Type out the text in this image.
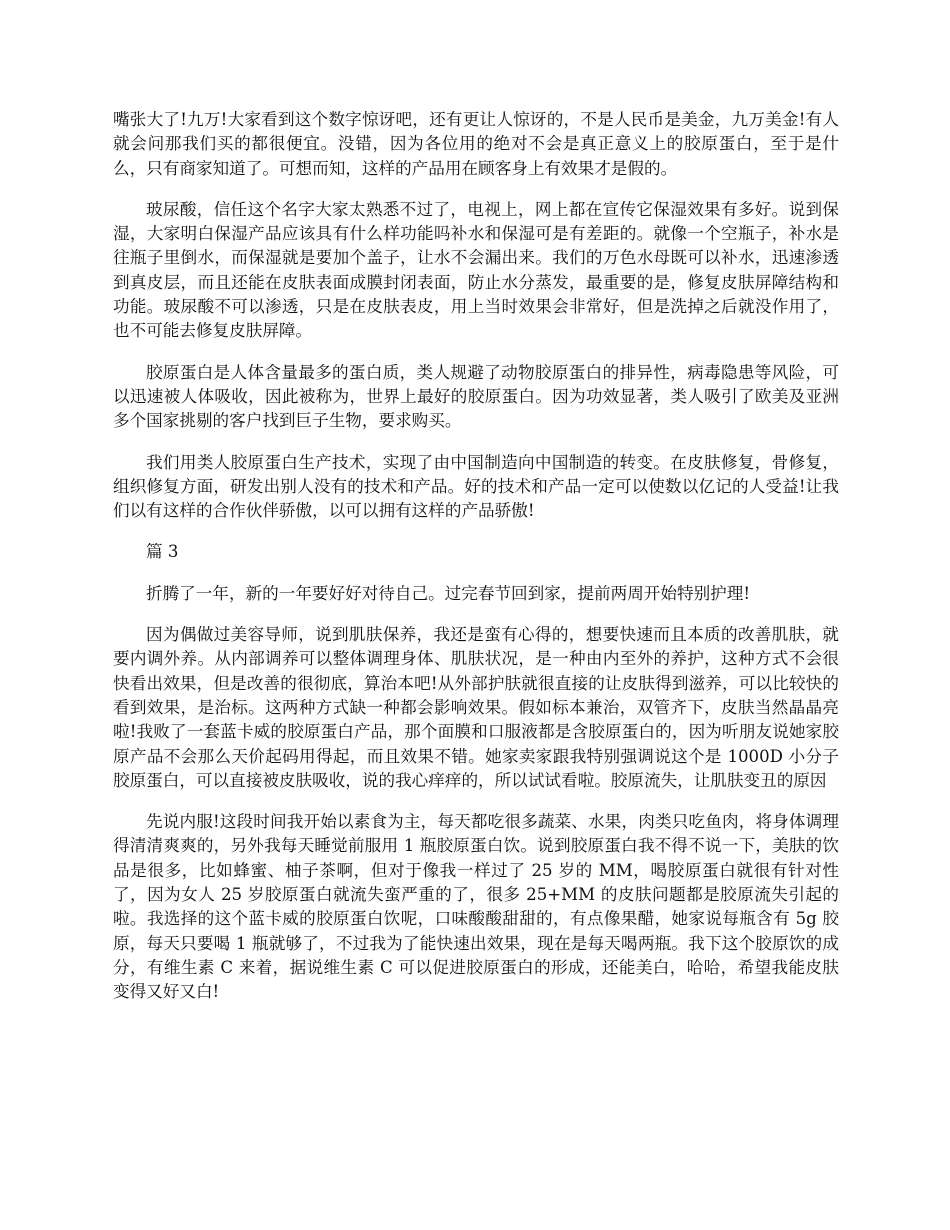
嘴张大了!九万!大家看到这个数字惊讶吧，还有更让人惊讶的，不是人民币是美金，九万美金!有人就会问那我们买的都很便宜。没错，因为各位用的绝对不会是真正意义上的胶原蛋白，至于是什么，只有商家知道了。可想而知，这样的产品用在顾客身上有效果才是假的。

玻尿酸，信任这个名字大家太熟悉不过了，电视上，网上都在宣传它保湿效果有多好。说到保湿，大家明白保湿产品应该具有什么样功能吗补水和保湿可是有差距的。就像一个空瓶子，补水是往瓶子里倒水，而保湿就是要加个盖子，让水不会漏出来。我们的万色水母既可以补水，迅速渗透到真皮层，而且还能在皮肤表面成膜封闭表面，防止水分蒸发，最重要的是，修复皮肤屏障结构和功能。玻尿酸不可以渗透，只是在皮肤表皮，用上当时效果会非常好，但是洗掉之后就没作用了，也不可能去修复皮肤屏障。

胶原蛋白是人体含量最多的蛋白质，类人规避了动物胶原蛋白的排异性，病毒隐患等风险，可以迅速被人体吸收，因此被称为，世界上最好的胶原蛋白。因为功效显著，类人吸引了欧美及亚洲多个国家挑剔的客户找到巨子生物，要求购买。

我们用类人胶原蛋白生产技术，实现了由中国制造向中国制造的转变。在皮肤修复，骨修复，组织修复方面，研发出别人没有的技术和产品。好的技术和产品一定可以使数以亿记的人受益!让我们以有这样的合作伙伴骄傲，以可以拥有这样的产品骄傲!

篇 3

折腾了一年，新的一年要好好对待自己。过完春节回到家，提前两周开始特别护理!

因为偶做过美容导师，说到肌肤保养，我还是蛮有心得的，想要快速而且本质的改善肌肤，就要内调外养。从内部调养可以整体调理身体、肌肤状况，是一种由内至外的养护，这种方式不会很快看出效果，但是改善的很彻底，算治本吧!从外部护肤就很直接的让皮肤得到滋养，可以比较快的看到效果，是治标。这两种方式缺一种都会影响效果。假如标本兼治，双管齐下，皮肤当然晶晶亮啦!我败了一套蓝卡威的胶原蛋白产品，那个面膜和口服液都是含胶原蛋白的，因为听朋友说她家胶原产品不会那么天价起码用得起，而且效果不错。她家卖家跟我特别强调说这个是 1000D 小分子胶原蛋白，可以直接被皮肤吸收，说的我心痒痒的，所以试试看啦。胶原流失，让肌肤变丑的原因

先说内服!这段时间我开始以素食为主，每天都吃很多蔬菜、水果，肉类只吃鱼肉，将身体调理得清清爽爽的，另外我每天睡觉前服用 1 瓶胶原蛋白饮。说到胶原蛋白我不得不说一下，美肤的饮品是很多，比如蜂蜜、柚子茶啊，但对于像我一样过了 25 岁的 MM，喝胶原蛋白就很有针对性了，因为女人 25 岁胶原蛋白就流失蛮严重的了，很多 25+MM 的皮肤问题都是胶原流失引起的啦。我选择的这个蓝卡威的胶原蛋白饮呢，口味酸酸甜甜的，有点像果醋，她家说每瓶含有 5g 胶原，每天只要喝 1 瓶就够了，不过我为了能快速出效果，现在是每天喝两瓶。我下这个胶原饮的成分，有维生素 C 来着，据说维生素 C 可以促进胶原蛋白的形成，还能美白，哈哈，希望我能皮肤变得又好又白!
